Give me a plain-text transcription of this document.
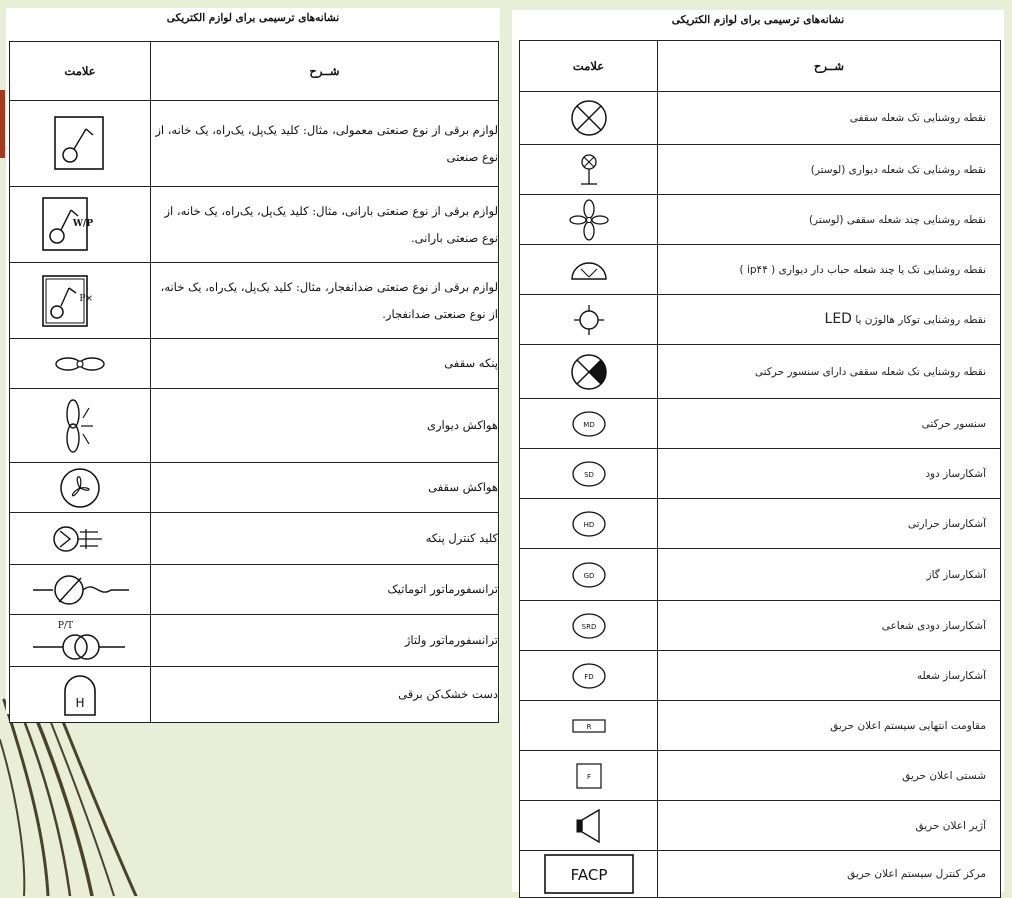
نشانه‌های ترسیمی برای لوازم الکتریکی
شــرح	علامت
لوازم برقی از نوع صنعتی معمولی، مثال: کلید یک‌پل، یک‌راه، یک خانه، از نوع صنعتی	

لوازم برقی از نوع صنعتی بارانی، مثال: کلید یک‌پل، یک‌راه، یک خانه، از نوع صنعتی بارانی.	W/P

لوازم برقی از نوع صنعتی ضدانفجار، مثال: کلید یک‌پل، یک‌راه، یک خانه، از نوع صنعتی ضدانفجار.	×P

پنکه سقفی	

هواکش دیواری	

هواکش سقفی	

کلید کنترل پنکه	

ترانسفورماتور اتوماتیک	

ترانسفورماتور ولتاژ	P/T

دست خشک‌کن برقی	H
نشانه‌های ترسیمی برای لوازم الکتریکی
شــرح	علامت
نقطه روشنایی تک شعله سقفی	

نقطه روشنایی تک شعله دیواری (لوستر)	

نقطه روشنایی چند شعله سقفی (لوستر)	

نقطه روشنایی تک یا چند شعله حباب دار دیواری ( ip۴۴ )	

نقطه روشنایی توکار هالوژن یا LED	

نقطه روشنایی تک شعله سقفی دارای سنسور حرکتی	

سنسور حرکتی	MD

آشکارساز دود	SD

آشکارساز حرارتی	HD

آشکارساز گاز	GD

آشکارساز دودی شعاعی	SRD

آشکارساز شعله	FD

مقاومت انتهایی سیستم اعلان حریق	R

شستی اعلان حریق	F

آژیر اعلان حریق	

مرکز کنترل سیستم اعلان حریق	FACP
